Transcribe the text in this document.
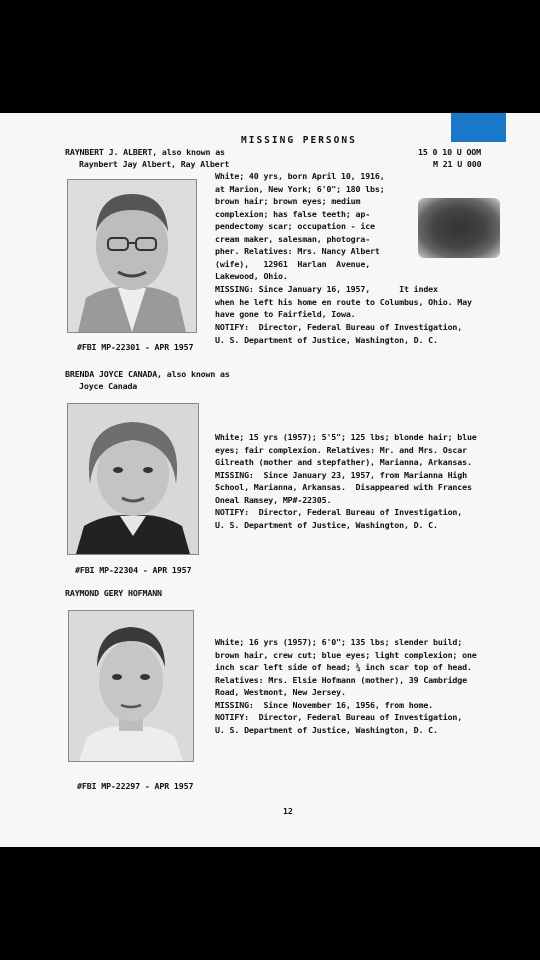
MISSING PERSONS
15 0 10 U OOM
M 21 U 000
RAYNBERT J. ALBERT, also known as
Raynbert Jay Albert, Ray Albert
White; 40 yrs, born April 10, 1916,
at Marion, New York; 6'0"; 180 lbs;
brown hair; brown eyes; medium
complexion; has false teeth; ap-
pendectomy scar; occupation - ice
cream maker, salesman, photogra-
pher. Relatives: Mrs. Nancy Albert
(wife),   12961  Harlan  Avenue,
Lakewood, Ohio.
MISSING: Since January 16, 1957,      It index
when he left his home en route to Columbus, Ohio. May
have gone to Fairfield, Iowa.
NOTIFY:  Director, Federal Bureau of Investigation,
U. S. Department of Justice, Washington, D. C.
#FBI MP-22301 - APR 1957
BRENDA JOYCE CANADA, also known as
Joyce Canada
White; 15 yrs (1957); 5'5"; 125 lbs; blonde hair; blue
eyes; fair complexion. Relatives: Mr. and Mrs. Oscar
Gilreath (mother and stepfather), Marianna, Arkansas.
MISSING:  Since January 23, 1957, from Marianna High
School, Marianna, Arkansas.  Disappeared with Frances
Oneal Ramsey, MP#-22305.
NOTIFY:  Director, Federal Bureau of Investigation,
U. S. Department of Justice, Washington, D. C.
#FBI MP-22304 - APR 1957
RAYMOND GERY HOFMANN
White; 16 yrs (1957); 6'0"; 135 lbs; slender build;
brown hair, crew cut; blue eyes; light complexion; one
inch scar left side of head; ¾ inch scar top of head.
Relatives: Mrs. Elsie Hofmann (mother), 39 Cambridge
Road, Westmont, New Jersey.
MISSING:  Since November 16, 1956, from home.
NOTIFY:  Director, Federal Bureau of Investigation,
U. S. Department of Justice, Washington, D. C.
#FBI MP-22297 - APR 1957
12
